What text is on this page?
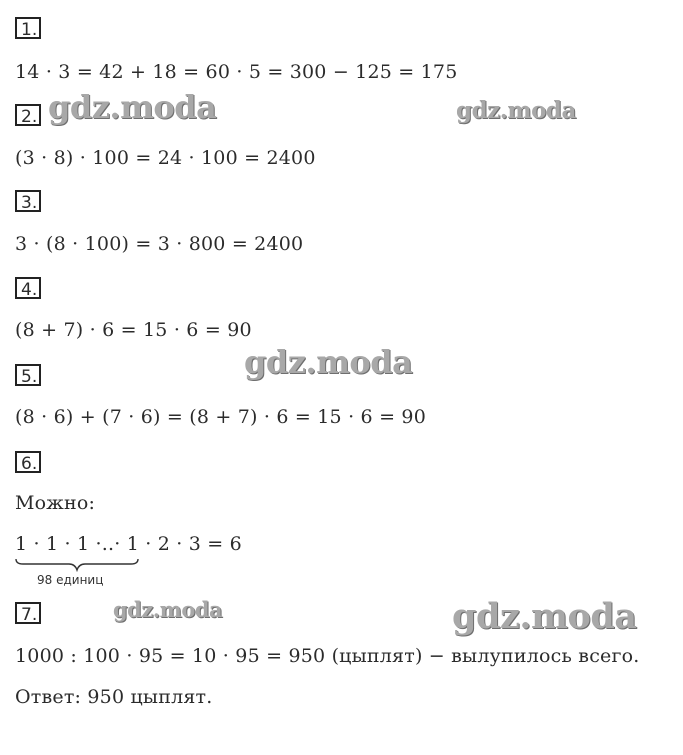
1.
14 · 3 = 42 + 18 = 60 · 5 = 300 − 125 = 175
2.
(3 · 8) · 100 = 24 · 100 = 2400
3.
3 · (8 · 100) = 3 · 800 = 2400
4.
(8 + 7) · 6 = 15 · 6 = 90
5.
(8 · 6) + (7 · 6) = (8 + 7) · 6 = 15 · 6 = 90
6.
Можно:
1 · 1 · 1 ·..· 1 · 2 · 3 = 6
98 единиц
7.
1000 : 100 · 95 = 10 · 95 = 950 (цыплят) − вылупилось всего.
Ответ: 950 цыплят.
gdz.moda	gdz.moda
gdz.moda
gdz.moda	gdz.moda
